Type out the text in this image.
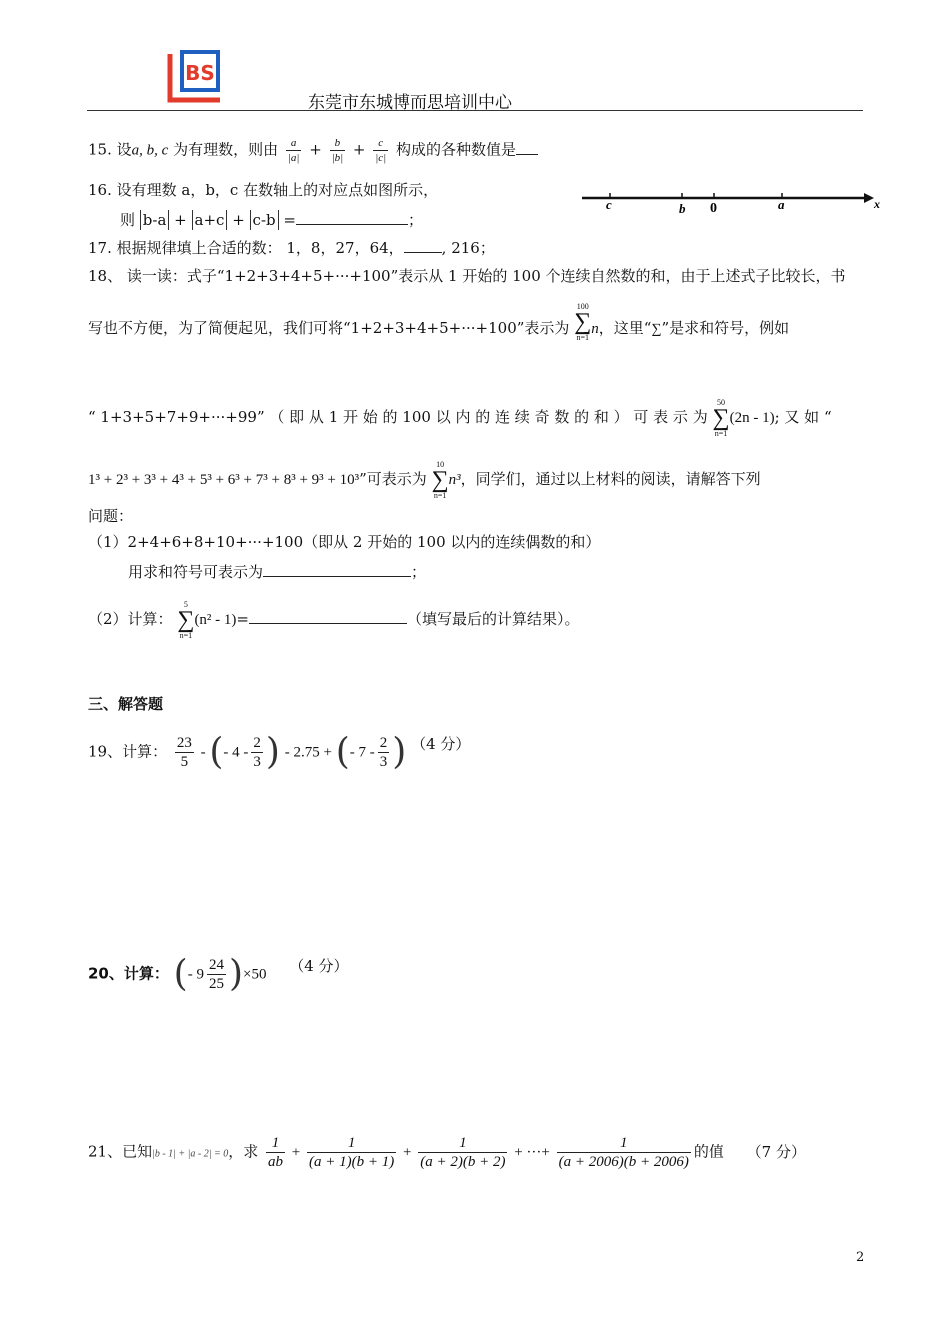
BS
东莞市东城博而思培训中心
15. 设a, b, c 为有理数，则由 $\frac{a}{|a|} + \frac{b}{|b|} + \frac{c}{|c|}$ 构成的各种数值是
16. 设有理数 a，b，c 在数轴上的对应点如图所示，
则 b-a + a+c + c-b =	；
c	b 0	a	x
17. 根据规律填上合适的数： 1，8，27，64，	, 216；
18、 读一读：式子“1+2+3+4+5+···+100”表示从 1 开始的 100 个连续自然数的和，由于上述式子比较长，书
写也不方便，为了简便起见，我们可将“1+2+3+4+5+···+100”表示为
100
∑
n=1
n，这里“∑”是求和符号，例如
“ 1+3+5+7+9+···+99” （ 即 从 1 开 始 的 100 以 内 的 连 续 奇 数 的 和 ） 可 表 示 为
50
∑
n=1
(2n - 1); 又 如 “
1³ + 2³ + 3³ + 4³ + 5³ + 6³ + 7³ + 8³ + 9³ + 10³”可表示为
10
∑
n=1
n³，同学们，通过以上材料的阅读，请解答下列
问题：
（1）2+4+6+8+10+···+100（即从 2 开始的 100 以内的连续偶数的和）
用求和符号可表示为	；
（2）计算：
5
∑
n=1
(n² - 1)=	（填写最后的计算结果）。
三、解答题
19、计算： $\frac{23}{5}$ - (- $4 - \frac{2}{3}$ ) - 2.75 + (- $7 - \frac{2}{3}$ ) （4 分）
20、计算： (- $9 \frac{24}{25} )\times 50$ （4 分）
21、已知|b - 1| + |a - 2| = 0，求 $\frac{1}{ab} + \frac{1}{(a + 1)(b + 1)} + \frac{1}{(a + 2)(b + 2)}$ + ···+ $\frac{1}{(a + 2006)(b + 2006)}$ 的值 （7 分）
2
